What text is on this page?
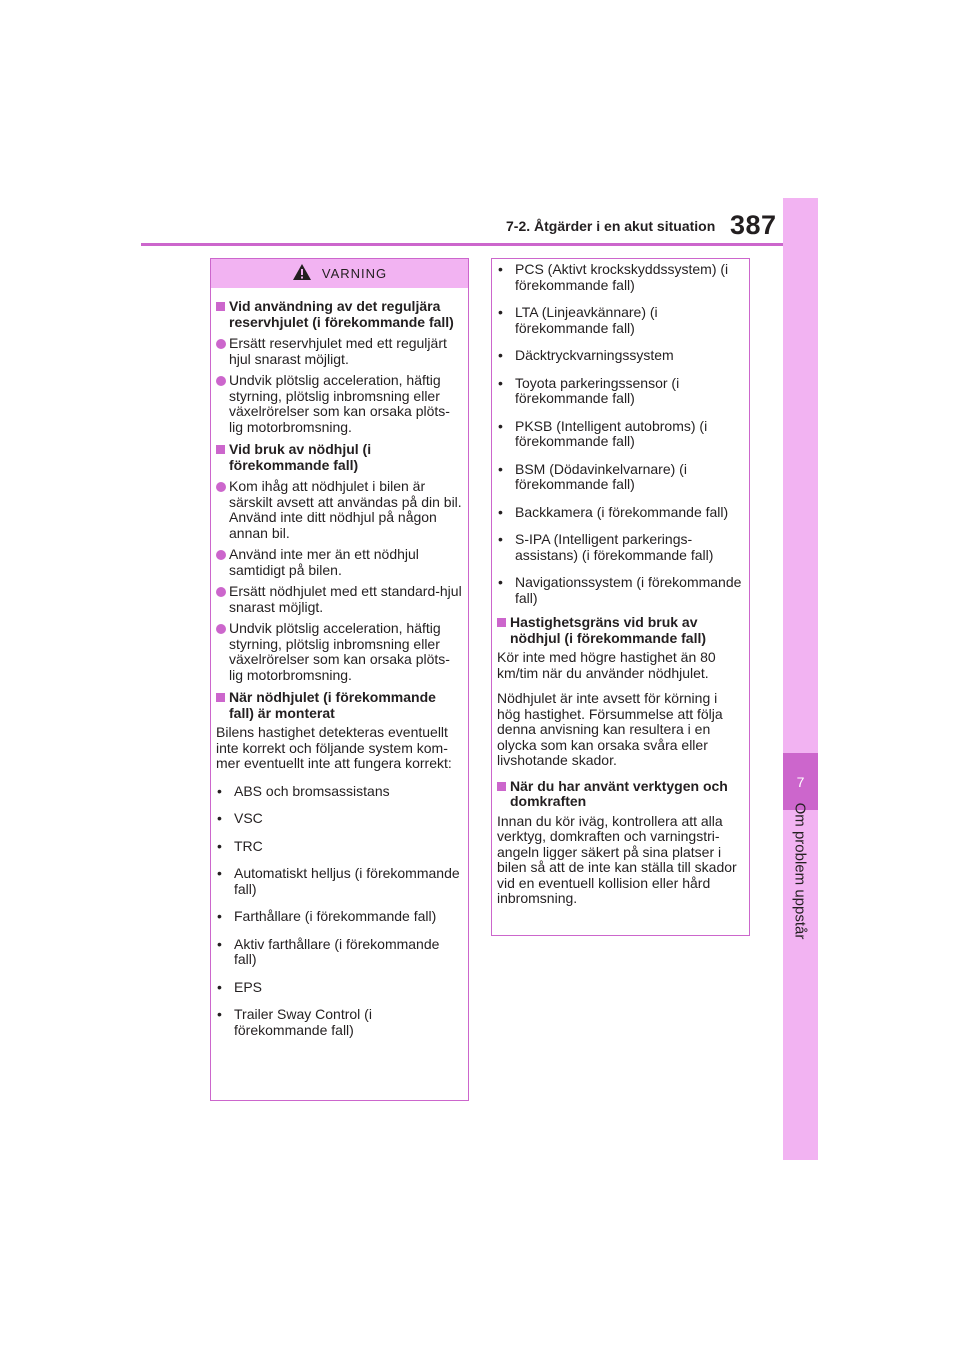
7-2. Åtgärder i en akut situation 387
7
Om problem uppstår
VARNING
Vid användning av det reguljära reservhjulet (i förekommande fall)
Ersätt reservhjulet med ett reguljärt hjul snarast möjligt.
Undvik plötslig acceleration, häftig styrning, plötslig inbromsning eller växelrörelser som kan orsaka plöts-lig motorbromsning.
Vid bruk av nödhjul (i förekommande fall)
Kom ihåg att nödhjulet i bilen är särskilt avsett att användas på din bil. Använd inte ditt nödhjul på någon annan bil.
Använd inte mer än ett nödhjul samtidigt på bilen.
Ersätt nödhjulet med ett standard-hjul snarast möjligt.
Undvik plötslig acceleration, häftig styrning, plötslig inbromsning eller växelrörelser som kan orsaka plöts-lig motorbromsning.
När nödhjulet (i förekommande fall) är monterat
Bilens hastighet detekteras eventuellt inte korrekt och följande system kom-mer eventuellt inte att fungera korrekt:
• ABS och bromsassistans
• VSC
• TRC
• Automatiskt helljus (i förekommande fall)
• Farthållare (i förekommande fall)
• Aktiv farthållare (i förekommande fall)
• EPS
• Trailer Sway Control (i förekommande fall)
• PCS (Aktivt krockskyddssystem) (i förekommande fall)
• LTA (Linjeavkännare) (i förekommande fall)
• Däcktryckvarningssystem
• Toyota parkeringssensor (i förekommande fall)
• PKSB (Intelligent autobroms) (i förekommande fall)
• BSM (Dödavinkelvarnare) (i förekommande fall)
• Backkamera (i förekommande fall)
• S-IPA (Intelligent parkerings-assistans) (i förekommande fall)
• Navigationssystem (i förekommande fall)
Hastighetsgräns vid bruk av nödhjul (i förekommande fall)
Kör inte med högre hastighet än 80 km/tim när du använder nödhjulet.
Nödhjulet är inte avsett för körning i hög hastighet. Försummelse att följa denna anvisning kan resultera i en olycka som kan orsaka svåra eller livshotande skador.
När du har använt verktygen och domkraften
Innan du kör iväg, kontrollera att alla verktyg, domkraften och varningstri-angeln ligger säkert på sina platser i bilen så att de inte kan ställa till skador vid en eventuell kollision eller hård inbromsning.
